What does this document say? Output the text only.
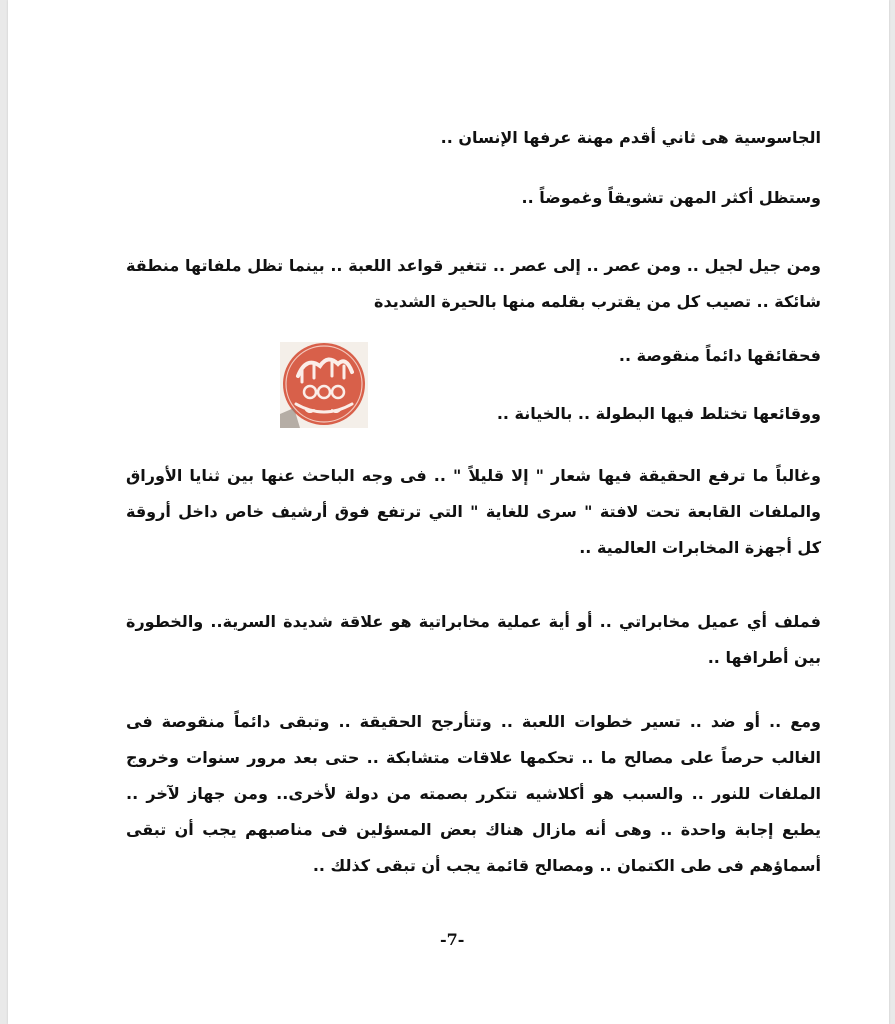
الجاسوسية هى ثاني أقدم مهنة عرفها الإنسان ..

وستظل أكثر المهن تشويقاً وغموضاً ..

ومن جيل لجيل .. ومن عصر .. إلى عصر .. تتغير قواعد اللعبة .. بينما تظل ملفاتها منطقة شائكة .. تصيب كل من يقترب بقلمه منها بالحيرة الشديدة

فحقائقها دائماً منقوصة ..

ووقائعها تختلط فيها البطولة .. بالخيانة ..

وغالباً ما ترفع الحقيقة فيها شعار " إلا قليلاً " .. فى وجه الباحث عنها بين ثنايا الأوراق والملفات القابعة تحت لافتة " سرى للغاية " التي ترتفع فوق أرشيف خاص داخل أروقة كل أجهزة المخابرات العالمية ..

فملف أي عميل مخابراتي .. أو أية عملية مخابراتية هو علاقة شديدة السرية.. والخطورة بين أطرافها ..

ومع .. أو ضد .. تسير خطوات اللعبة .. وتتأرجح الحقيقة .. وتبقى دائماً منقوصة فى الغالب حرصاً على مصالح ما .. تحكمها علاقات متشابكة .. حتى بعد مرور سنوات وخروج الملفات للنور .. والسبب هو أكلاشيه تتكرر بصمته من دولة لأخرى.. ومن جهاز لآخر .. يطبع إجابة واحدة .. وهى أنه مازال هناك بعض المسؤلين فى مناصبهم يجب أن تبقى أسماؤهم فى طى الكتمان .. ومصالح قائمة يجب أن تبقى كذلك ..

-7-
